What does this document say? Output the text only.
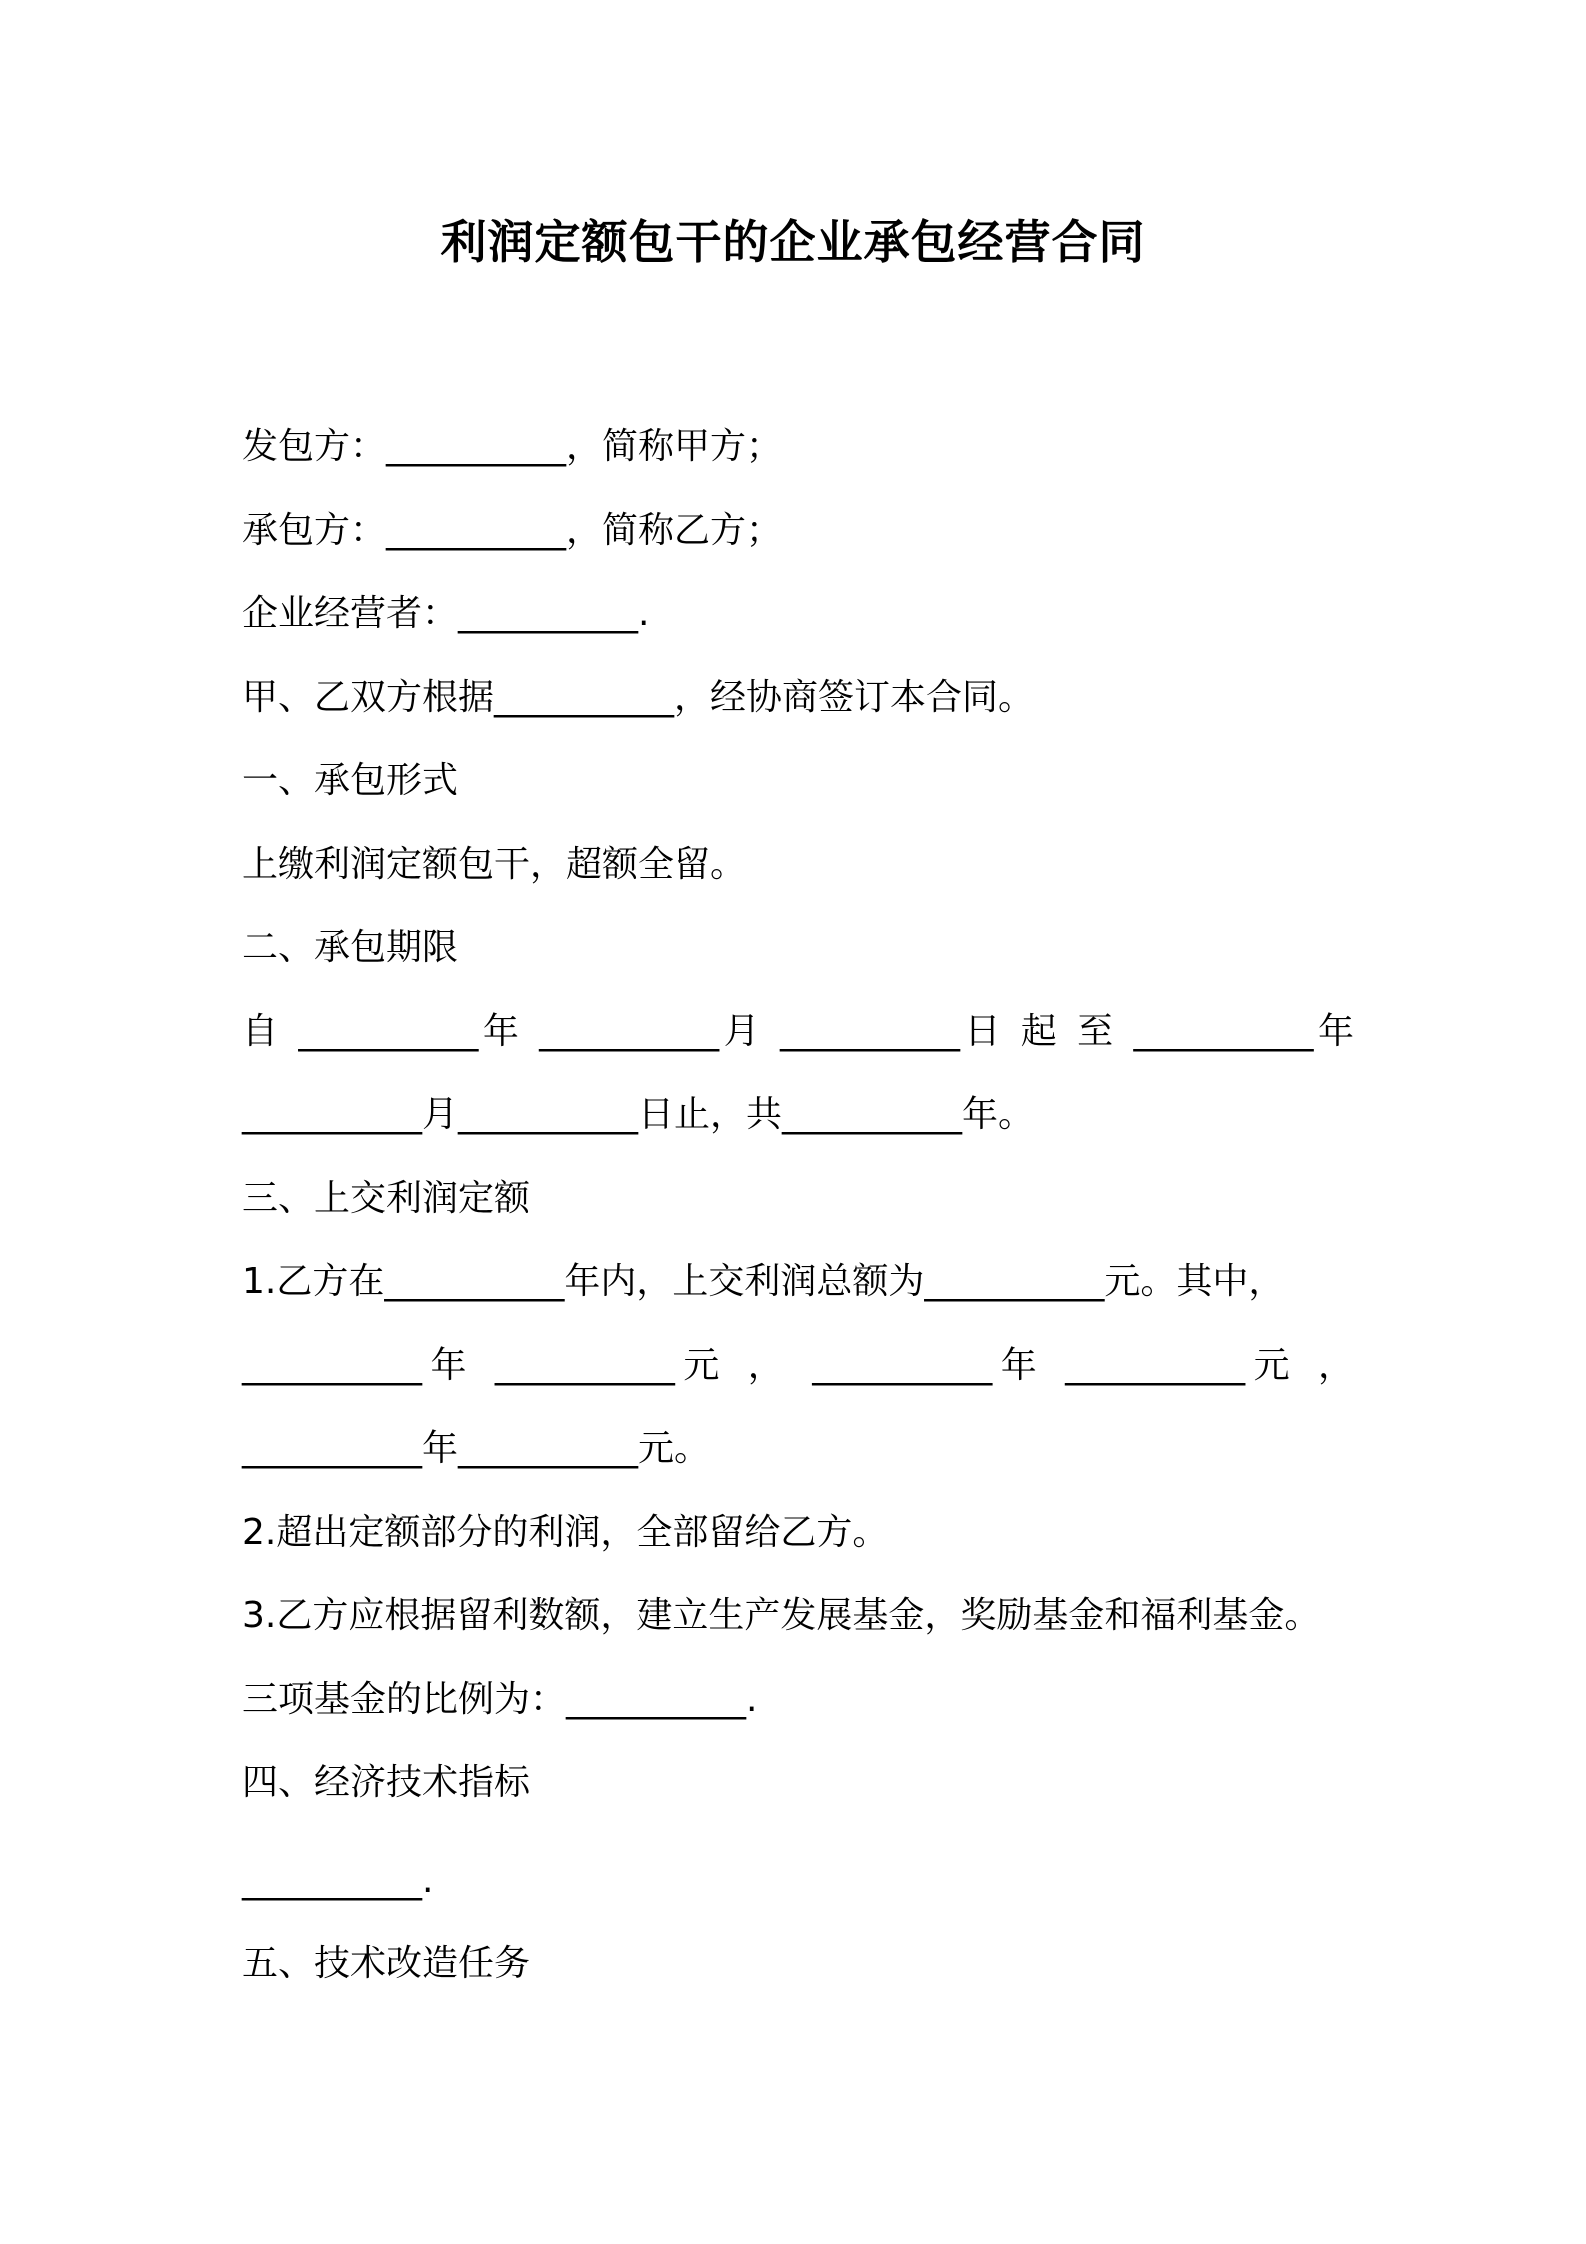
利润定额包干的企业承包经营合同
发包方：__________，简称甲方；
承包方：__________，简称乙方；
企业经营者：__________.
甲、乙双方根据__________，经协商签订本合同。
一、承包形式
上缴利润定额包干，超额全留。
二、承包期限
自 __________年 __________月 __________日 起 至 __________年
__________月__________日止，共__________年。
三、上交利润定额
1.乙方在__________年内，上交利润总额为__________元。其中，
__________年 __________元 ， __________年 __________元 ，
__________年__________元。
2.超出定额部分的利润，全部留给乙方。
3.乙方应根据留利数额，建立生产发展基金，奖励基金和福利基金。
三项基金的比例为：__________.
四、经济技术指标
__________.
五、技术改造任务
